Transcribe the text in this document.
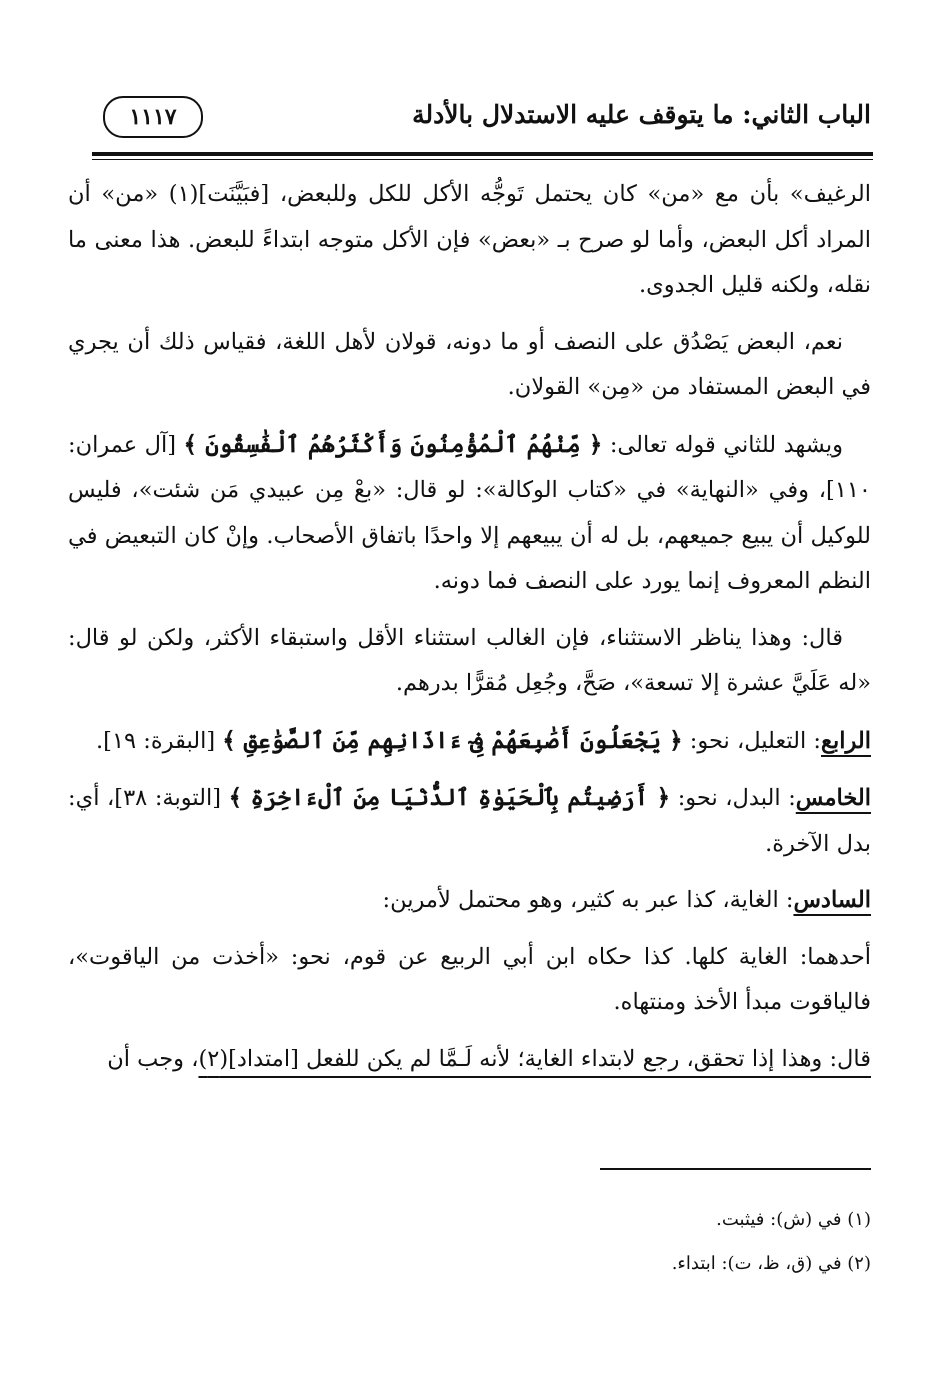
الباب الثاني: ما يتوقف عليه الاستدلال بالأدلة
١١١٧

الرغيف» بأن مع «من» كان يحتمل تَوجُّه الأكل للكل وللبعض، [فبَيَّنَت](١) «من» أن المراد أكل البعض، وأما لو صرح بـ «بعض» فإن الأكل متوجه ابتداءً للبعض. هذا معنى ما نقله، ولكنه قليل الجدوى.

نعم، البعض يَصْدُق على النصف أو ما دونه، قولان لأهل اللغة، فقياس ذلك أن يجري في البعض المستفاد من «مِن» القولان.

ويشهد للثاني قوله تعالى: ﴿ مِّنْهُمُ ٱلْمُؤْمِنُونَ وَأَكْثَرُهُمُ ٱلْفَٰسِقُونَ ﴾ [آل عمران: ١١٠]، وفي «النهاية» في «كتاب الوكالة»: لو قال: «بعْ مِن عبيدي مَن شئت»، فليس للوكيل أن يبيع جميعهم، بل له أن يبيعهم إلا واحدًا باتفاق الأصحاب. وإنْ كان التبعيض في النظم المعروف إنما يورد على النصف فما دونه.

قال: وهذا يناظر الاستثناء، فإن الغالب استثناء الأقل واستبقاء الأكثر، ولكن لو قال: «له عَلَيَّ عشرة إلا تسعة»، صَحَّ، وجُعِل مُقرًّا بدرهم.

الرابع: التعليل، نحو: ﴿ يَجْعَلُونَ أَصَٰبِعَهُمْ فِىٓ ءَاذَانِهِم مِّنَ ٱلصَّوَٰعِقِ ﴾ [البقرة: ١٩].

الخامس: البدل، نحو: ﴿ أَرَضِيتُم بِٱلْحَيَوٰةِ ٱلدُّنْيَا مِنَ ٱلْءَاخِرَةِ ﴾ [التوبة: ٣٨]، أي: بدل الآخرة.

السادس: الغاية، كذا عبر به كثير، وهو محتمل لأمرين:

أحدهما: الغاية كلها. كذا حكاه ابن أبي الربيع عن قوم، نحو: «أخذت من الياقوت»، فالياقوت مبدأ الأخذ ومنتهاه.

قال: وهذا إذا تحقق، رجع لابتداء الغاية؛ لأنه لَـمَّا لم يكن للفعل [امتداد](٢)، وجب أن

(١) في (ش): فيثبت.
(٢) في (ق، ظ، ت): ابتداء.
